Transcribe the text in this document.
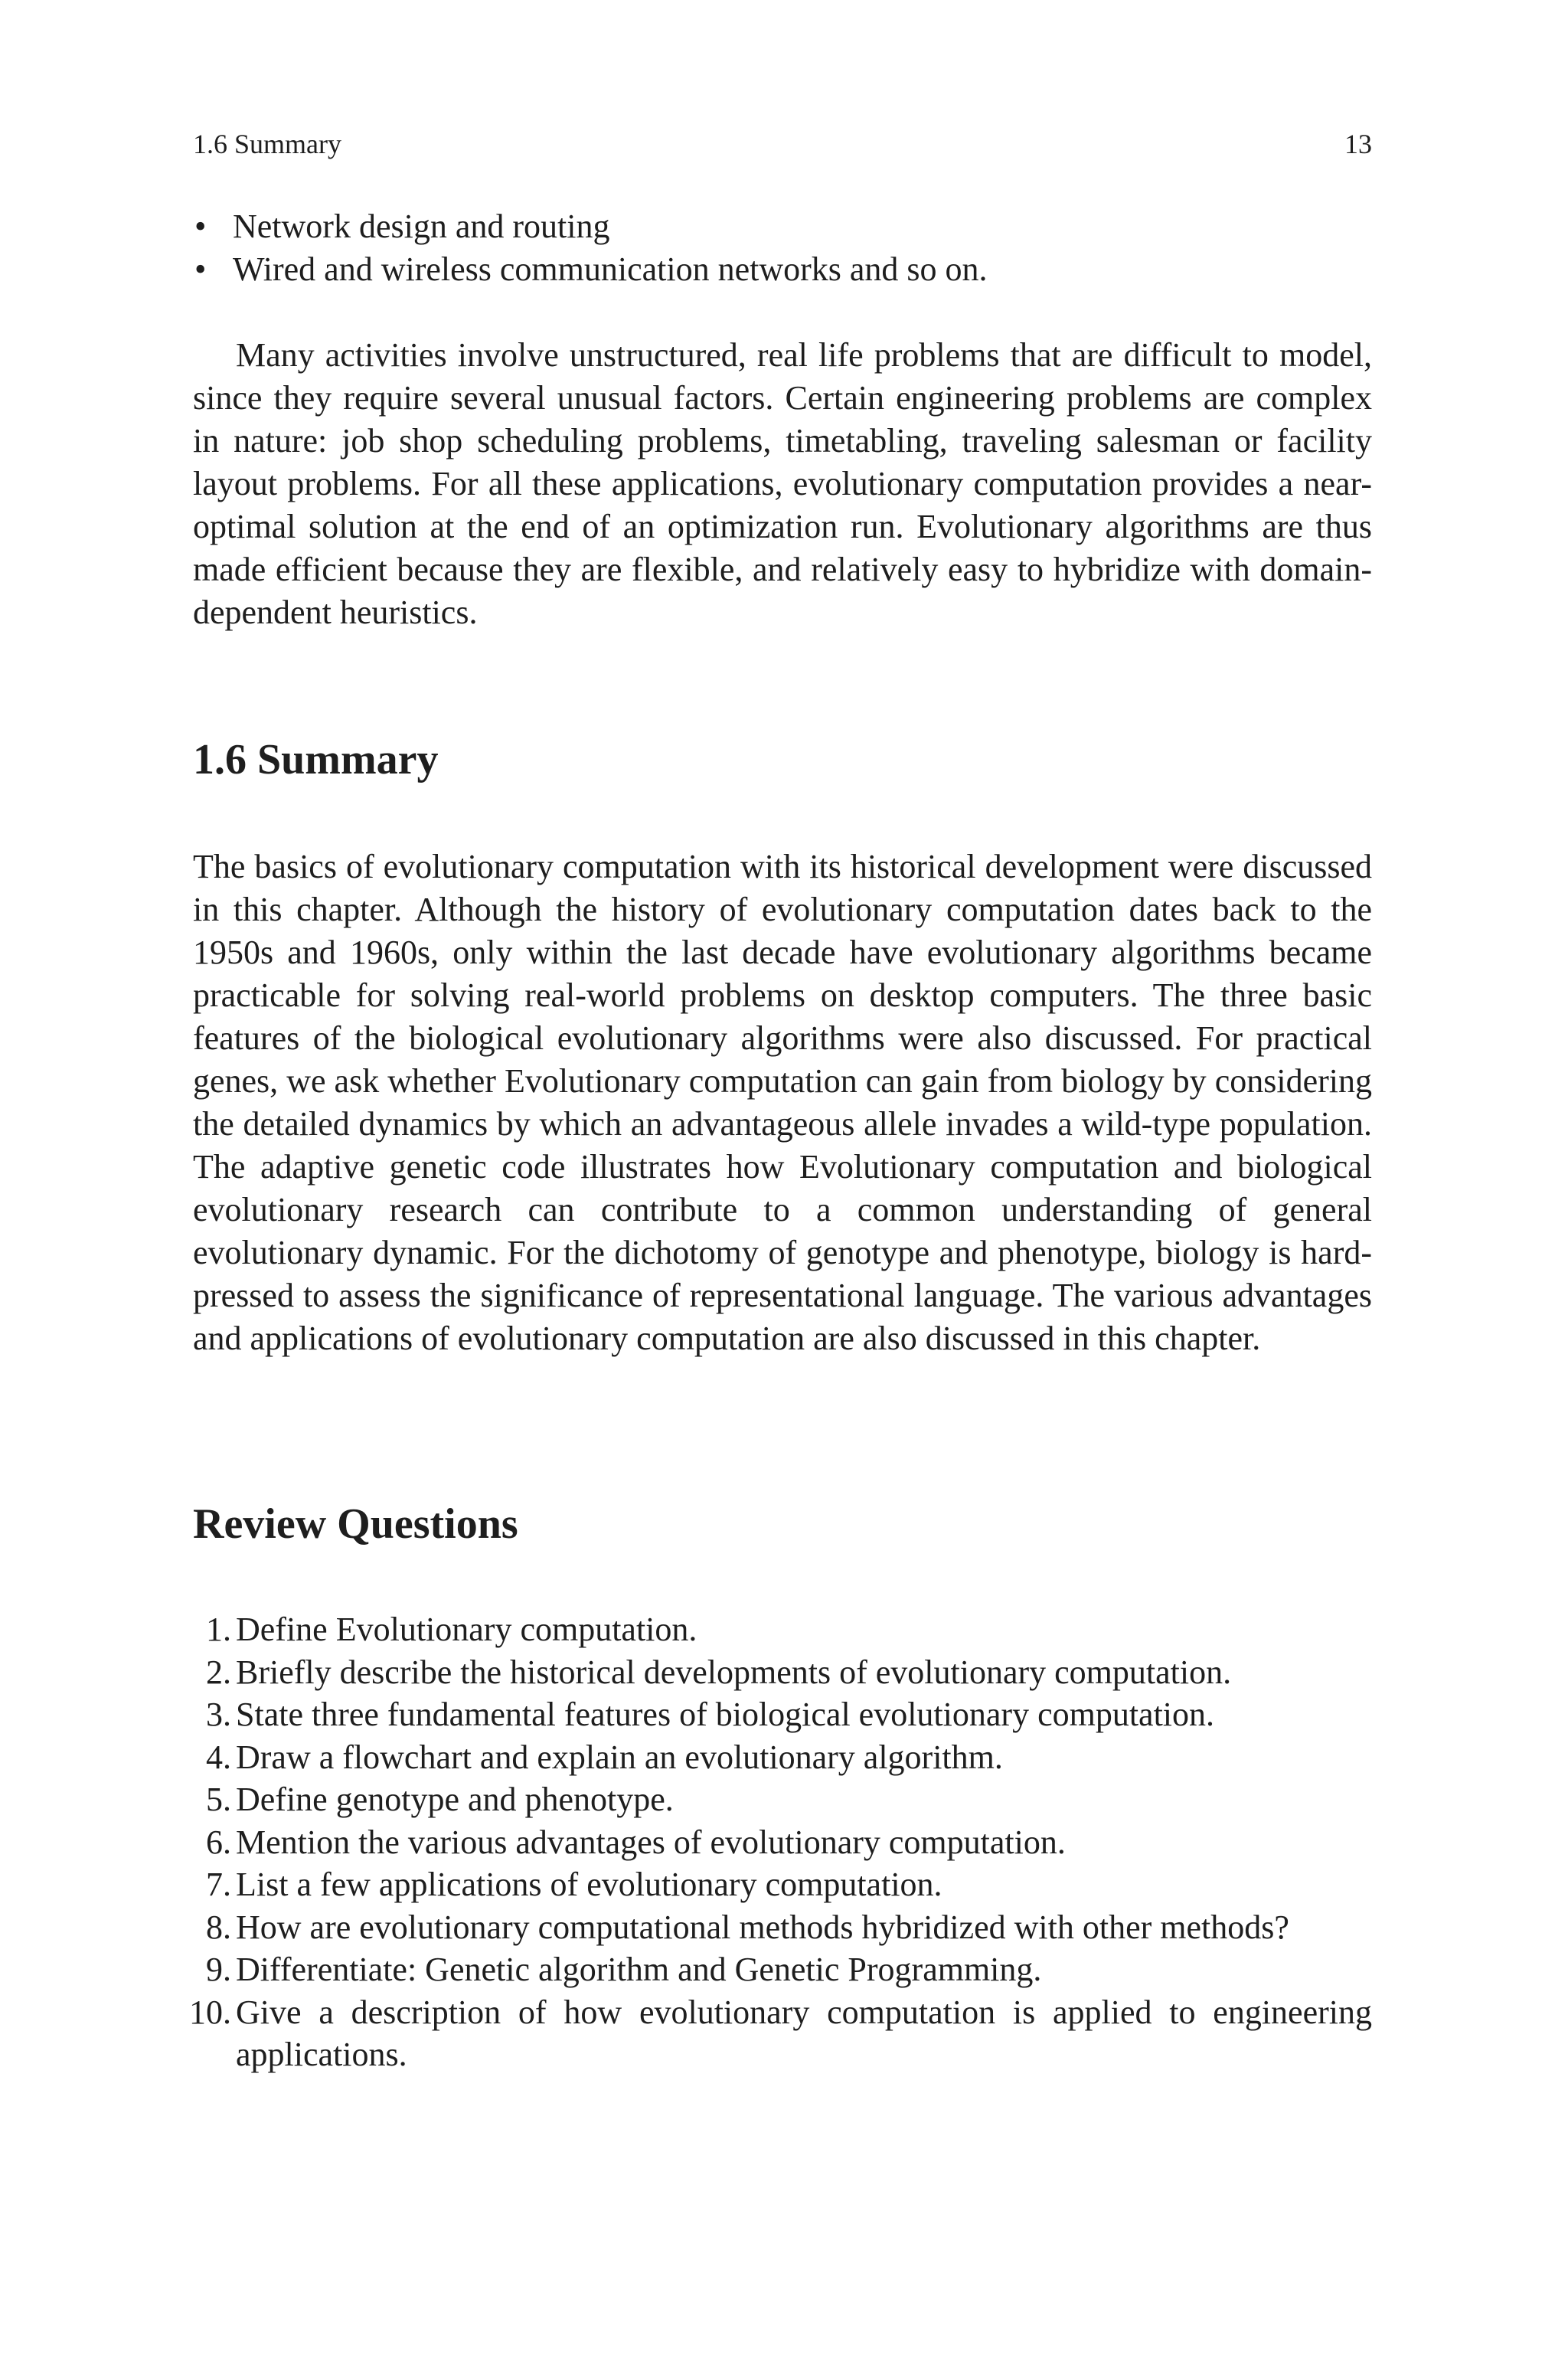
1.6 Summary	13
• Network design and routing
• Wired and wireless communication networks and so on.

Many activities involve unstructured, real life problems that are difficult to model, since they require several unusual factors. Certain engineering problems are complex in nature: job shop scheduling problems, timetabling, traveling salesman or facility layout problems. For all these applications, evolutionary computation provides a near-optimal solution at the end of an optimization run. Evolutionary algorithms are thus made efficient because they are flexible, and relatively easy to hybridize with domain-dependent heuristics.

1.6 Summary

The basics of evolutionary computation with its historical development were discussed in this chapter. Although the history of evolutionary computation dates back to the 1950s and 1960s, only within the last decade have evolutionary algorithms became practicable for solving real-world problems on desktop computers. The three basic features of the biological evolutionary algorithms were also discussed. For practical genes, we ask whether Evolutionary computation can gain from biology by considering the detailed dynamics by which an advantageous allele invades a wild-type population. The adaptive genetic code illustrates how Evolutionary computation and biological evolutionary research can contribute to a common understanding of general evolutionary dynamic. For the dichotomy of genotype and phenotype, biology is hard-pressed to assess the significance of representational language. The various advantages and applications of evolutionary computation are also discussed in this chapter.

Review Questions
1. Define Evolutionary computation.
2. Briefly describe the historical developments of evolutionary computation.
3. State three fundamental features of biological evolutionary computation.
4. Draw a flowchart and explain an evolutionary algorithm.
5. Define genotype and phenotype.
6. Mention the various advantages of evolutionary computation.
7. List a few applications of evolutionary computation.
8. How are evolutionary computational methods hybridized with other methods?
9. Differentiate: Genetic algorithm and Genetic Programming.
10. Give a description of how evolutionary computation is applied to engineering applications.
